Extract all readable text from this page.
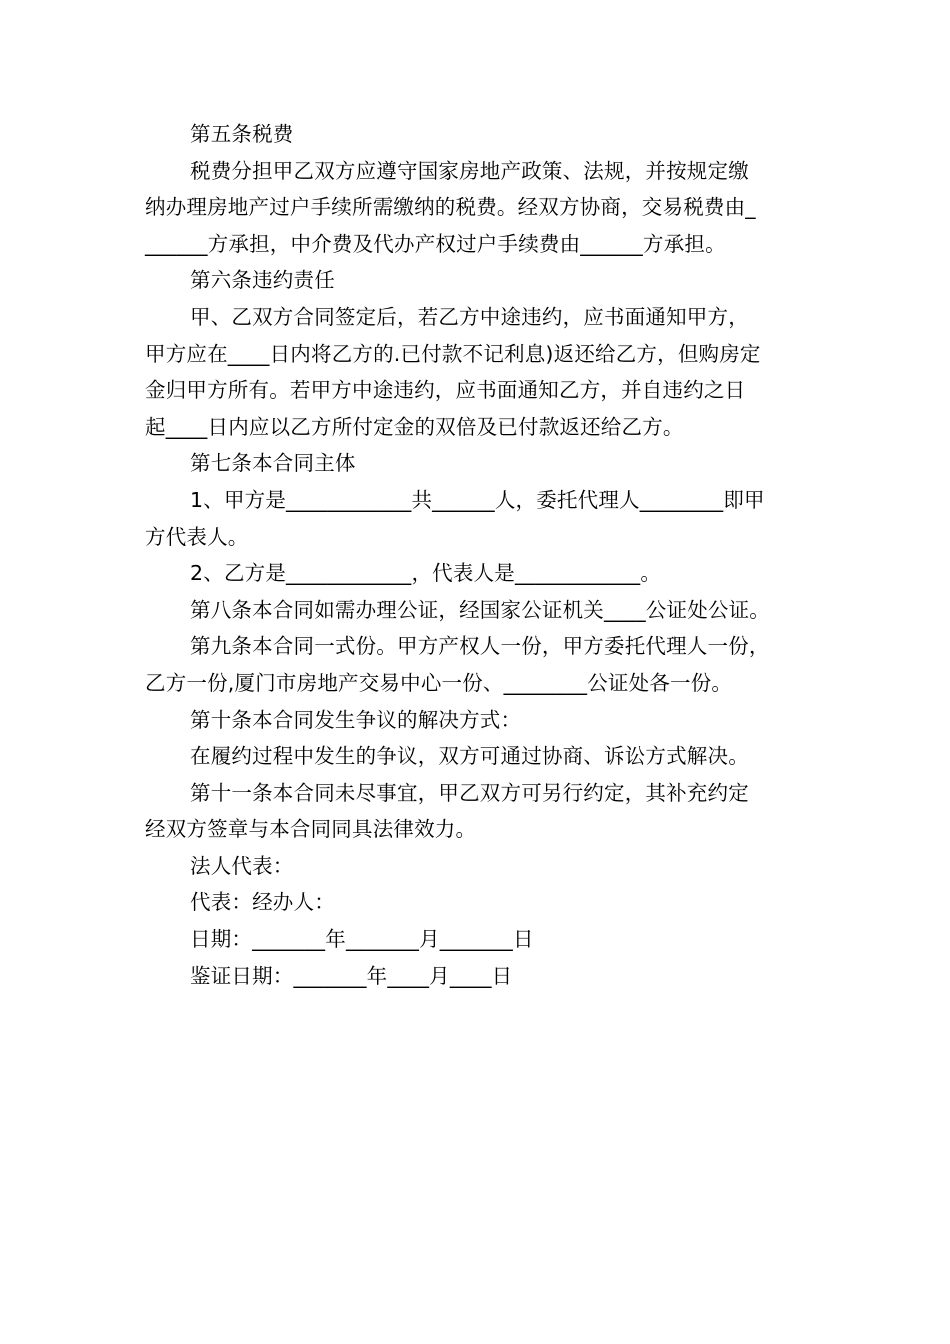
第五条税费

税费分担甲乙双方应遵守国家房地产政策、法规，并按规定缴

纳办理房地产过户手续所需缴纳的税费。经双方协商，交易税费由_

______方承担，中介费及代办产权过户手续费由______方承担。

第六条违约责任

甲、乙双方合同签定后，若乙方中途违约，应书面通知甲方，

甲方应在____日内将乙方的.已付款不记利息)返还给乙方，但购房定

金归甲方所有。若甲方中途违约，应书面通知乙方，并自违约之日

起____日内应以乙方所付定金的双倍及已付款返还给乙方。

第七条本合同主体

1、甲方是____________共______人，委托代理人________即甲

方代表人。

2、乙方是____________，代表人是____________。

第八条本合同如需办理公证，经国家公证机关____公证处公证。

第九条本合同一式份。甲方产权人一份，甲方委托代理人一份，

乙方一份,厦门市房地产交易中心一份、________公证处各一份。

第十条本合同发生争议的解决方式：

在履约过程中发生的争议，双方可通过协商、诉讼方式解决。

第十一条本合同未尽事宜，甲乙双方可另行约定，其补充约定

经双方签章与本合同同具法律效力。

法人代表：

代表：经办人：

日期：_______年_______月_______日

鉴证日期：_______年____月____日
